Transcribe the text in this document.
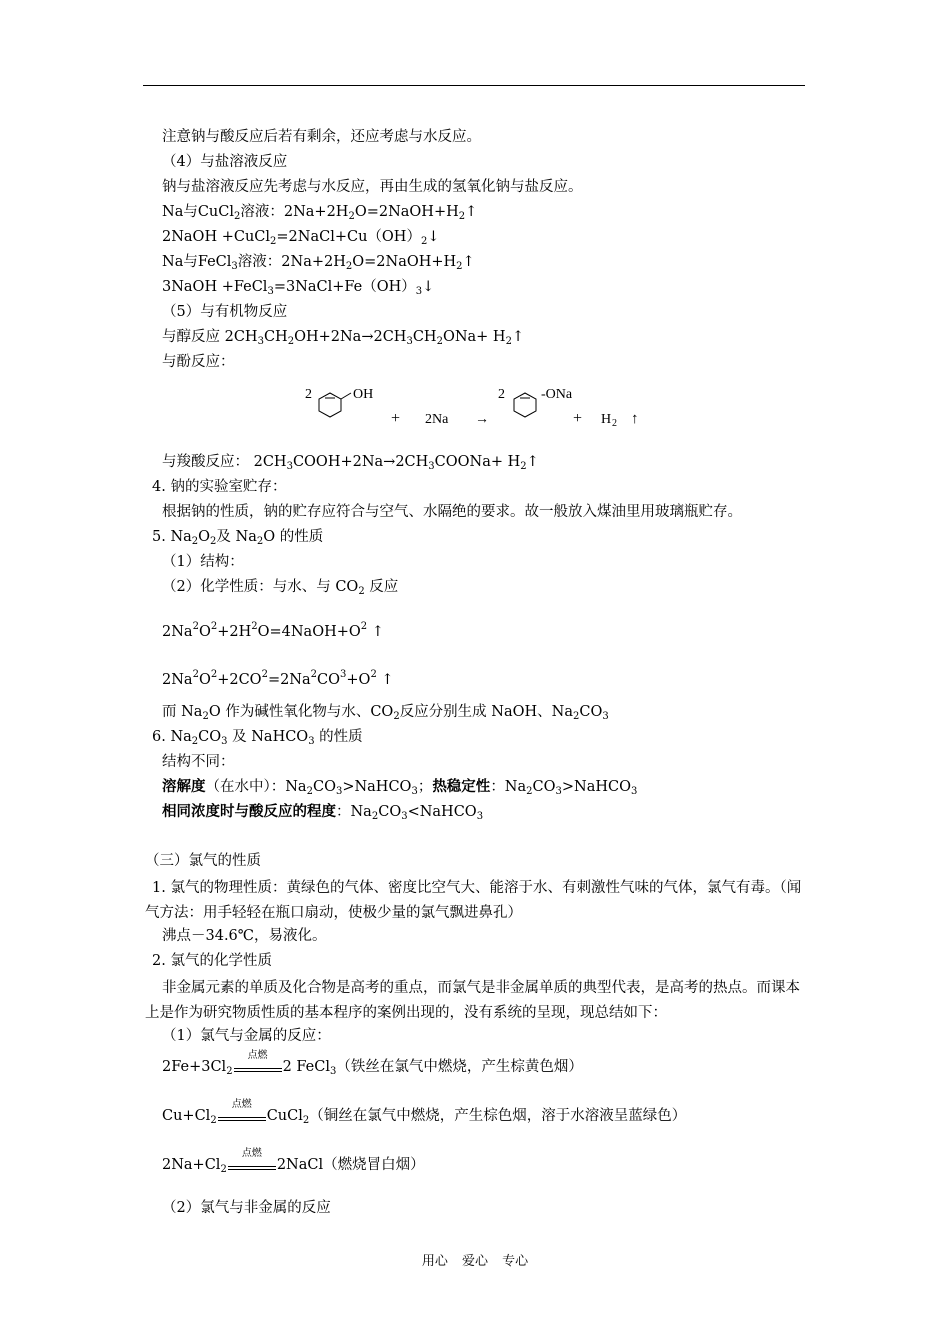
注意钠与酸反应后若有剩余，还应考虑与水反应。
（4）与盐溶液反应
钠与盐溶液反应先考虑与水反应，再由生成的氢氧化钠与盐反应。
Na与CuCl$_2$溶液：$2Na+2H_2O=2NaOH+H_2↑$
2NaOH $+CuCl_2=2NaCl+Cu(OH)_2↓$
Na与FeCl$_3$溶液：$2Na+2H_2O=2NaOH+H_2↑$
3NaOH $+FeCl_3=3NaCl+Fe(OH)_3↓$
（5）与有机物反应
与醇反应 $2CH_3CH_2OH+2Na\to 2CH_3CH_2ONa+$ $H_2↑$
与酚反应：
2	OH
+ 2Na →
2	-ONa
+ H 2 ↑
与羧酸反应： $2CH_3COOH+2Na\to 2CH_3COONa+$ $H_2↑$
4. 钠的实验室贮存：
根据钠的性质，钠的贮存应符合与空气、水隔绝的要求。故一般放入煤油里用玻璃瓶贮存。
5. $Na_2O_2$及 $Na_2O$ 的性质
（1）结构：
（2）化学性质：与水、与 $CO_2$ 反应
$2Na^2O^2+2H^2O=4NaOH+O^2$ ↑
$2Na^2O^2+2CO^2=2Na^2CO^3+O^2$ ↑
而 $Na_2O$ 作为碱性氧化物与水、$CO_2$反应分别生成 NaOH、$Na_2CO_3$
6. $Na_2CO_3$ 及 NaHCO$_3$ 的性质
结构不同：
溶解度（在水中）：$Na_2CO_3>NaHCO_3$；热稳定性：$Na_2CO_3>NaHCO_3$
相同浓度时与酸反应的程度：$Na_2CO_3<NaHCO_3$
（三）氯气的性质
1. 氯气的物理性质：黄绿色的气体、密度比空气大、能溶于水、有刺激性气味的气体，氯气有毒。（闻气方法：用手轻轻在瓶口扇动，使极少量的氯气飘进鼻孔）
沸点－34.6℃，易液化。
2. 氯气的化学性质
非金属元素的单质及化合物是高考的重点，而氯气是非金属单质的典型代表，是高考的热点。而课本上是作为研究物质性质的基本程序的案例出现的，没有系统的呈现，现总结如下：
（1）氯气与金属的反应：
$2Fe+3Cl_2$
点燃
2 FeCl$_3$（铁丝在氯气中燃烧，产生棕黄色烟）
$Cu+Cl_2$
点燃
CuCl$_2$（铜丝在氯气中燃烧，产生棕色烟，溶于水溶液呈蓝绿色）
$2Na+Cl_2$
点燃
2NaCl（燃烧冒白烟）
（2）氯气与非金属的反应
用心 爱心 专心
